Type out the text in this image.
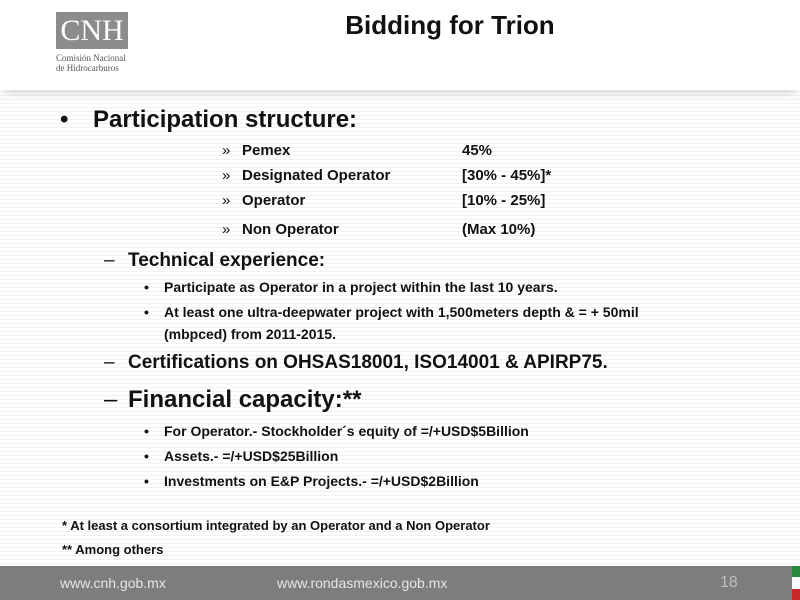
CNH
Comisión Nacional
de Hidrocarburos
Bidding for Trion
• Participation structure:
» Pemex	45%
» Designated Operator	[30% - 45%]*
» Operator	[10% - 25%]
» Non Operator	(Max 10%)
– Technical experience:
• Participate as Operator in a project within the last 10 years.
• At least one ultra-deepwater project with 1,500meters depth & = + 50mil
(mbpced) from 2011-2015.
– Certifications on OHSAS18001, ISO14001 & APIRP75.
– Financial capacity:**
• For Operator.- Stockholder´s equity of =/+USD$5Billion
• Assets.- =/+USD$25Billion
• Investments on E&P Projects.- =/+USD$2Billion
* At least a consortium integrated by an Operator and a Non Operator
** Among others
www.cnh.gob.mx	www.rondasmexico.gob.mx	18
